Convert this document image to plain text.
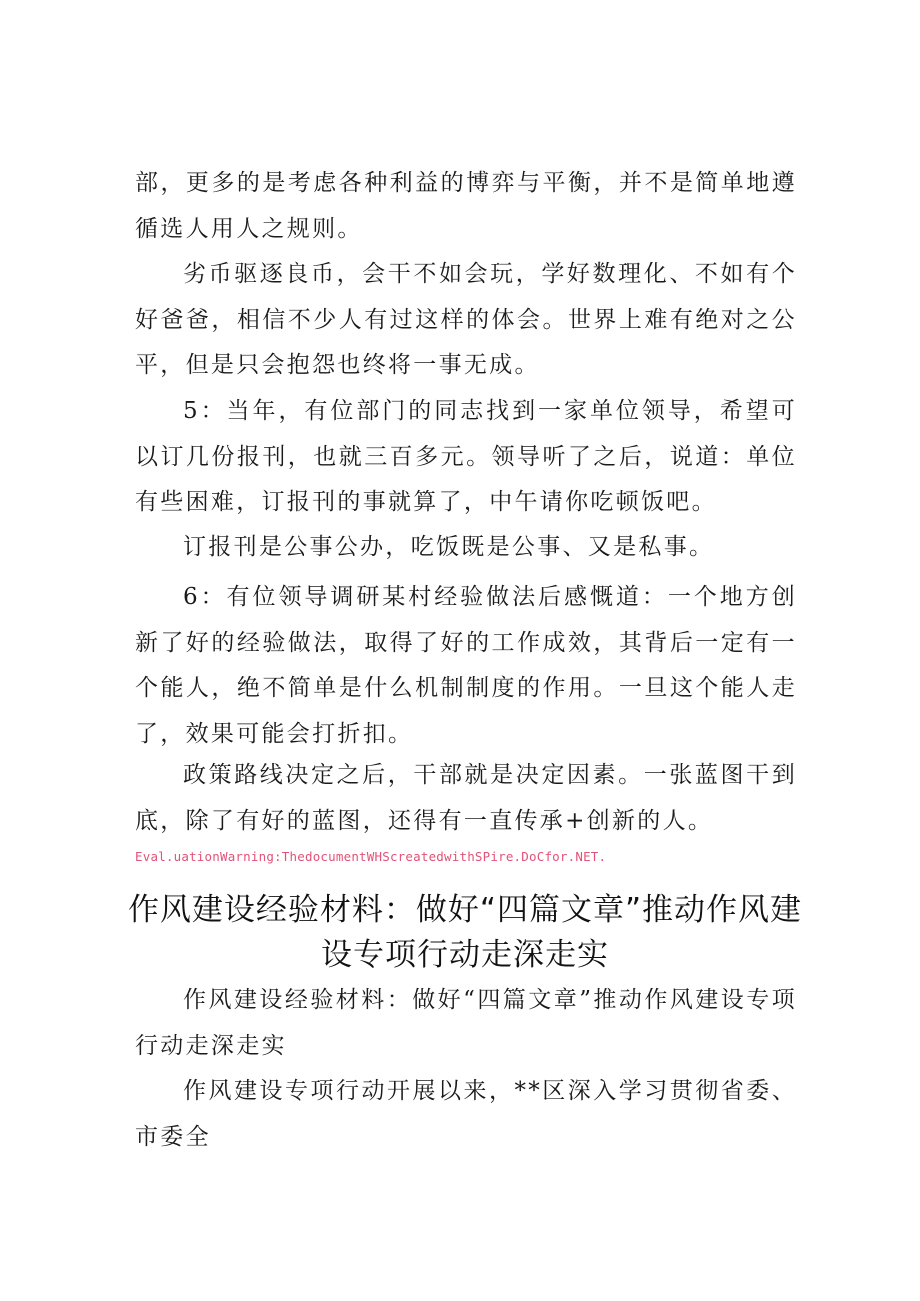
部，更多的是考虑各种利益的博弈与平衡，并不是简单地遵循选人用人之规则。

劣币驱逐良币，会干不如会玩，学好数理化、不如有个好爸爸，相信不少人有过这样的体会。世界上难有绝对之公平，但是只会抱怨也终将一事无成。

5：当年，有位部门的同志找到一家单位领导，希望可以订几份报刊，也就三百多元。领导听了之后，说道：单位有些困难，订报刊的事就算了，中午请你吃顿饭吧。

订报刊是公事公办，吃饭既是公事、又是私事。

6：有位领导调研某村经验做法后感慨道：一个地方创新了好的经验做法，取得了好的工作成效，其背后一定有一个能人，绝不简单是什么机制制度的作用。一旦这个能人走了，效果可能会打折扣。

政策路线决定之后，干部就是决定因素。一张蓝图干到底，除了有好的蓝图，还得有一直传承+创新的人。

Eval.uationWarning:ThedocumentWHScreatedwithSPire.DoCfor.NET.
作风建设经验材料：做好“四篇文章”推动作风建设专项行动走深走实

作风建设经验材料：做好“四篇文章”推动作风建设专项行动走深走实

作风建设专项行动开展以来，**区深入学习贯彻省委、市委全
